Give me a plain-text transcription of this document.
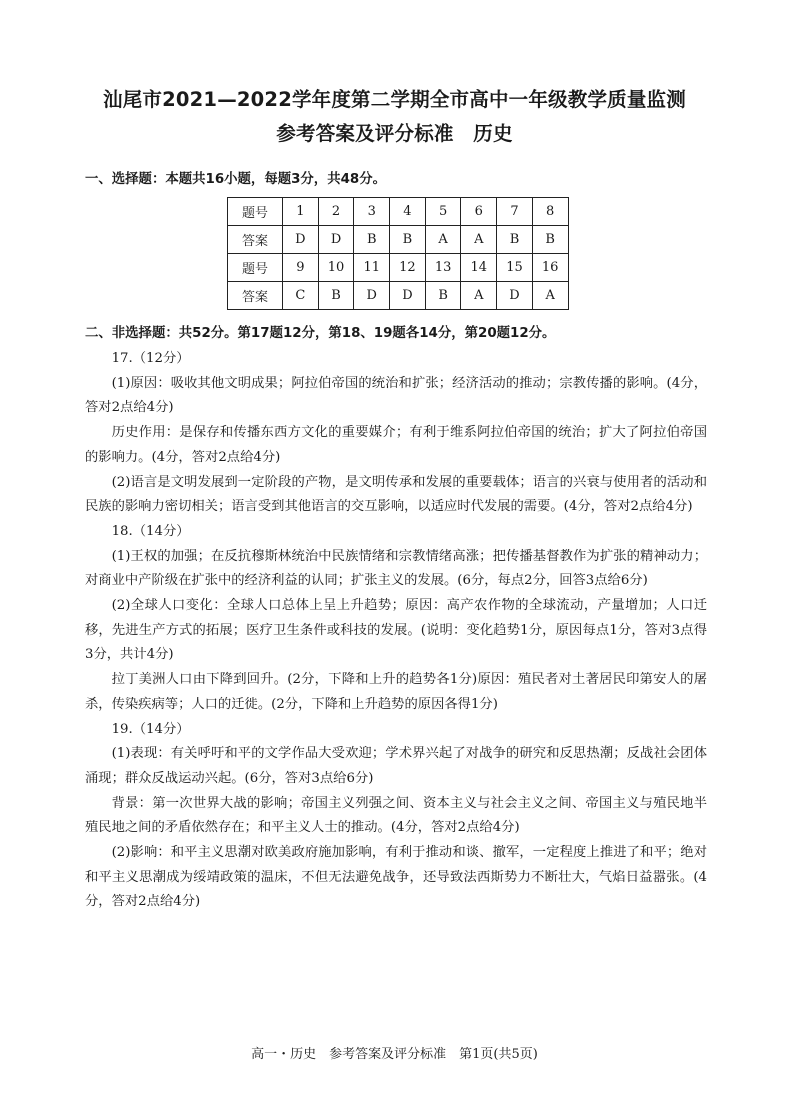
汕尾市2021—2022学年度第二学期全市高中一年级教学质量监测
参考答案及评分标准　历史
一、选择题：本题共16小题，每题3分，共48分。
题号	1	2	3	4	5	6	7	8
答案	D	D	B	B	A	A	B	B
题号	9	10	11	12	13	14	15	16
答案	C	B	D	D	B	A	D	A
二、非选择题：共52分。第17题12分，第18、19题各14分，第20题12分。

17.（12分）

(1)原因：吸收其他文明成果；阿拉伯帝国的统治和扩张；经济活动的推动；宗教传播的影响。(4分，答对2点给4分)

历史作用：是保存和传播东西方文化的重要媒介；有利于维系阿拉伯帝国的统治；扩大了阿拉伯帝国的影响力。(4分，答对2点给4分)

(2)语言是文明发展到一定阶段的产物，是文明传承和发展的重要载体；语言的兴衰与使用者的活动和民族的影响力密切相关；语言受到其他语言的交互影响，以适应时代发展的需要。(4分，答对2点给4分)

18.（14分）

(1)王权的加强；在反抗穆斯林统治中民族情绪和宗教情绪高涨；把传播基督教作为扩张的精神动力；对商业中产阶级在扩张中的经济利益的认同；扩张主义的发展。(6分，每点2分，回答3点给6分)

(2)全球人口变化：全球人口总体上呈上升趋势；原因：高产农作物的全球流动，产量增加；人口迁移，先进生产方式的拓展；医疗卫生条件或科技的发展。(说明：变化趋势1分，原因每点1分，答对3点得3分，共计4分)

拉丁美洲人口由下降到回升。(2分，下降和上升的趋势各1分)原因：殖民者对土著居民印第安人的屠杀，传染疾病等；人口的迁徙。(2分，下降和上升趋势的原因各得1分)

19.（14分）

(1)表现：有关呼吁和平的文学作品大受欢迎；学术界兴起了对战争的研究和反思热潮；反战社会团体涌现；群众反战运动兴起。(6分，答对3点给6分)

背景：第一次世界大战的影响；帝国主义列强之间、资本主义与社会主义之间、帝国主义与殖民地半殖民地之间的矛盾依然存在；和平主义人士的推动。(4分，答对2点给4分)

(2)影响：和平主义思潮对欧美政府施加影响，有利于推动和谈、撤军，一定程度上推进了和平；绝对和平主义思潮成为绥靖政策的温床，不但无法避免战争，还导致法西斯势力不断壮大，气焰日益嚣张。(4分，答对2点给4分)

高一・历史　参考答案及评分标准　第1页(共5页)
